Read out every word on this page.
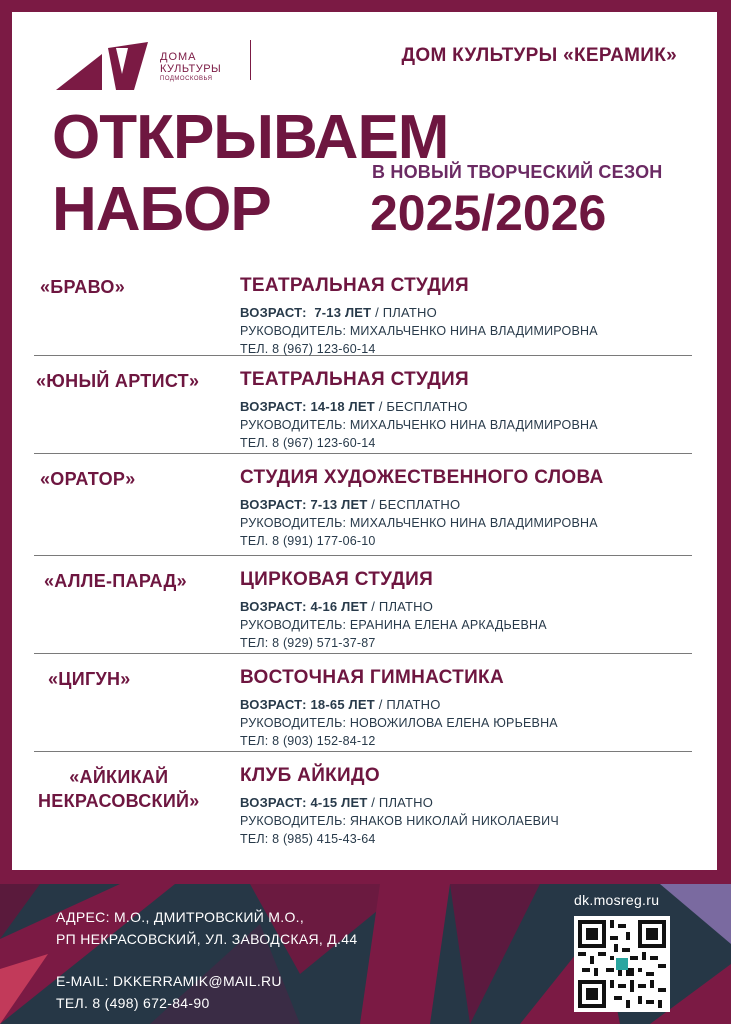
ДОМА
КУЛЬТУРЫ
ПОДМОСКОВЬЯ
ДОМ КУЛЬТУРЫ «КЕРАМИК»
ОТКРЫВАЕМ
НАБОР
В НОВЫЙ ТВОРЧЕСКИЙ СЕЗОН
2025/2026
«БРАВО»	ТЕАТРАЛЬНАЯ СТУДИЯ
ВОЗРАСТ: 7-13 ЛЕТ / ПЛАТНО
РУКОВОДИТЕЛЬ: МИХАЛЬЧЕНКО НИНА ВЛАДИМИРОВНА
ТЕЛ. 8 (967) 123-60-14
«ЮНЫЙ АРТИСТ» ТЕАТРАЛЬНАЯ СТУДИЯ
ВОЗРАСТ: 14-18 ЛЕТ / БЕСПЛАТНО
РУКОВОДИТЕЛЬ: МИХАЛЬЧЕНКО НИНА ВЛАДИМИРОВНА
ТЕЛ. 8 (967) 123-60-14
«ОРАТОР»	СТУДИЯ ХУДОЖЕСТВЕННОГО СЛОВА
ВОЗРАСТ: 7-13 ЛЕТ / БЕСПЛАТНО
РУКОВОДИТЕЛЬ: МИХАЛЬЧЕНКО НИНА ВЛАДИМИРОВНА
ТЕЛ. 8 (991) 177-06-10
«АЛЛЕ-ПАРАД»	ЦИРКОВАЯ СТУДИЯ
ВОЗРАСТ: 4-16 ЛЕТ / ПЛАТНО
РУКОВОДИТЕЛЬ: ЕРАНИНА ЕЛЕНА АРКАДЬЕВНА
ТЕЛ: 8 (929) 571-37-87
«ЦИГУН»	ВОСТОЧНАЯ ГИМНАСТИКА
ВОЗРАСТ: 18-65 ЛЕТ / ПЛАТНО
РУКОВОДИТЕЛЬ: НОВОЖИЛОВА ЕЛЕНА ЮРЬЕВНА
ТЕЛ: 8 (903) 152-84-12
«АЙКИКАЙ
НЕКРАСОВСКИЙ»
КЛУБ АЙКИДО
ВОЗРАСТ: 4-15 ЛЕТ / ПЛАТНО
РУКОВОДИТЕЛЬ: ЯНАКОВ НИКОЛАЙ НИКОЛАЕВИЧ
ТЕЛ: 8 (985) 415-43-64
АДРЕС: М.О., ДМИТРОВСКИЙ М.О.,
РП НЕКРАСОВСКИЙ, УЛ. ЗАВОДСКАЯ, Д.44
E-MAIL: DKKERRAMIK@MAIL.RU
ТЕЛ. 8 (498) 672-84-90
dk.mosreg.ru
